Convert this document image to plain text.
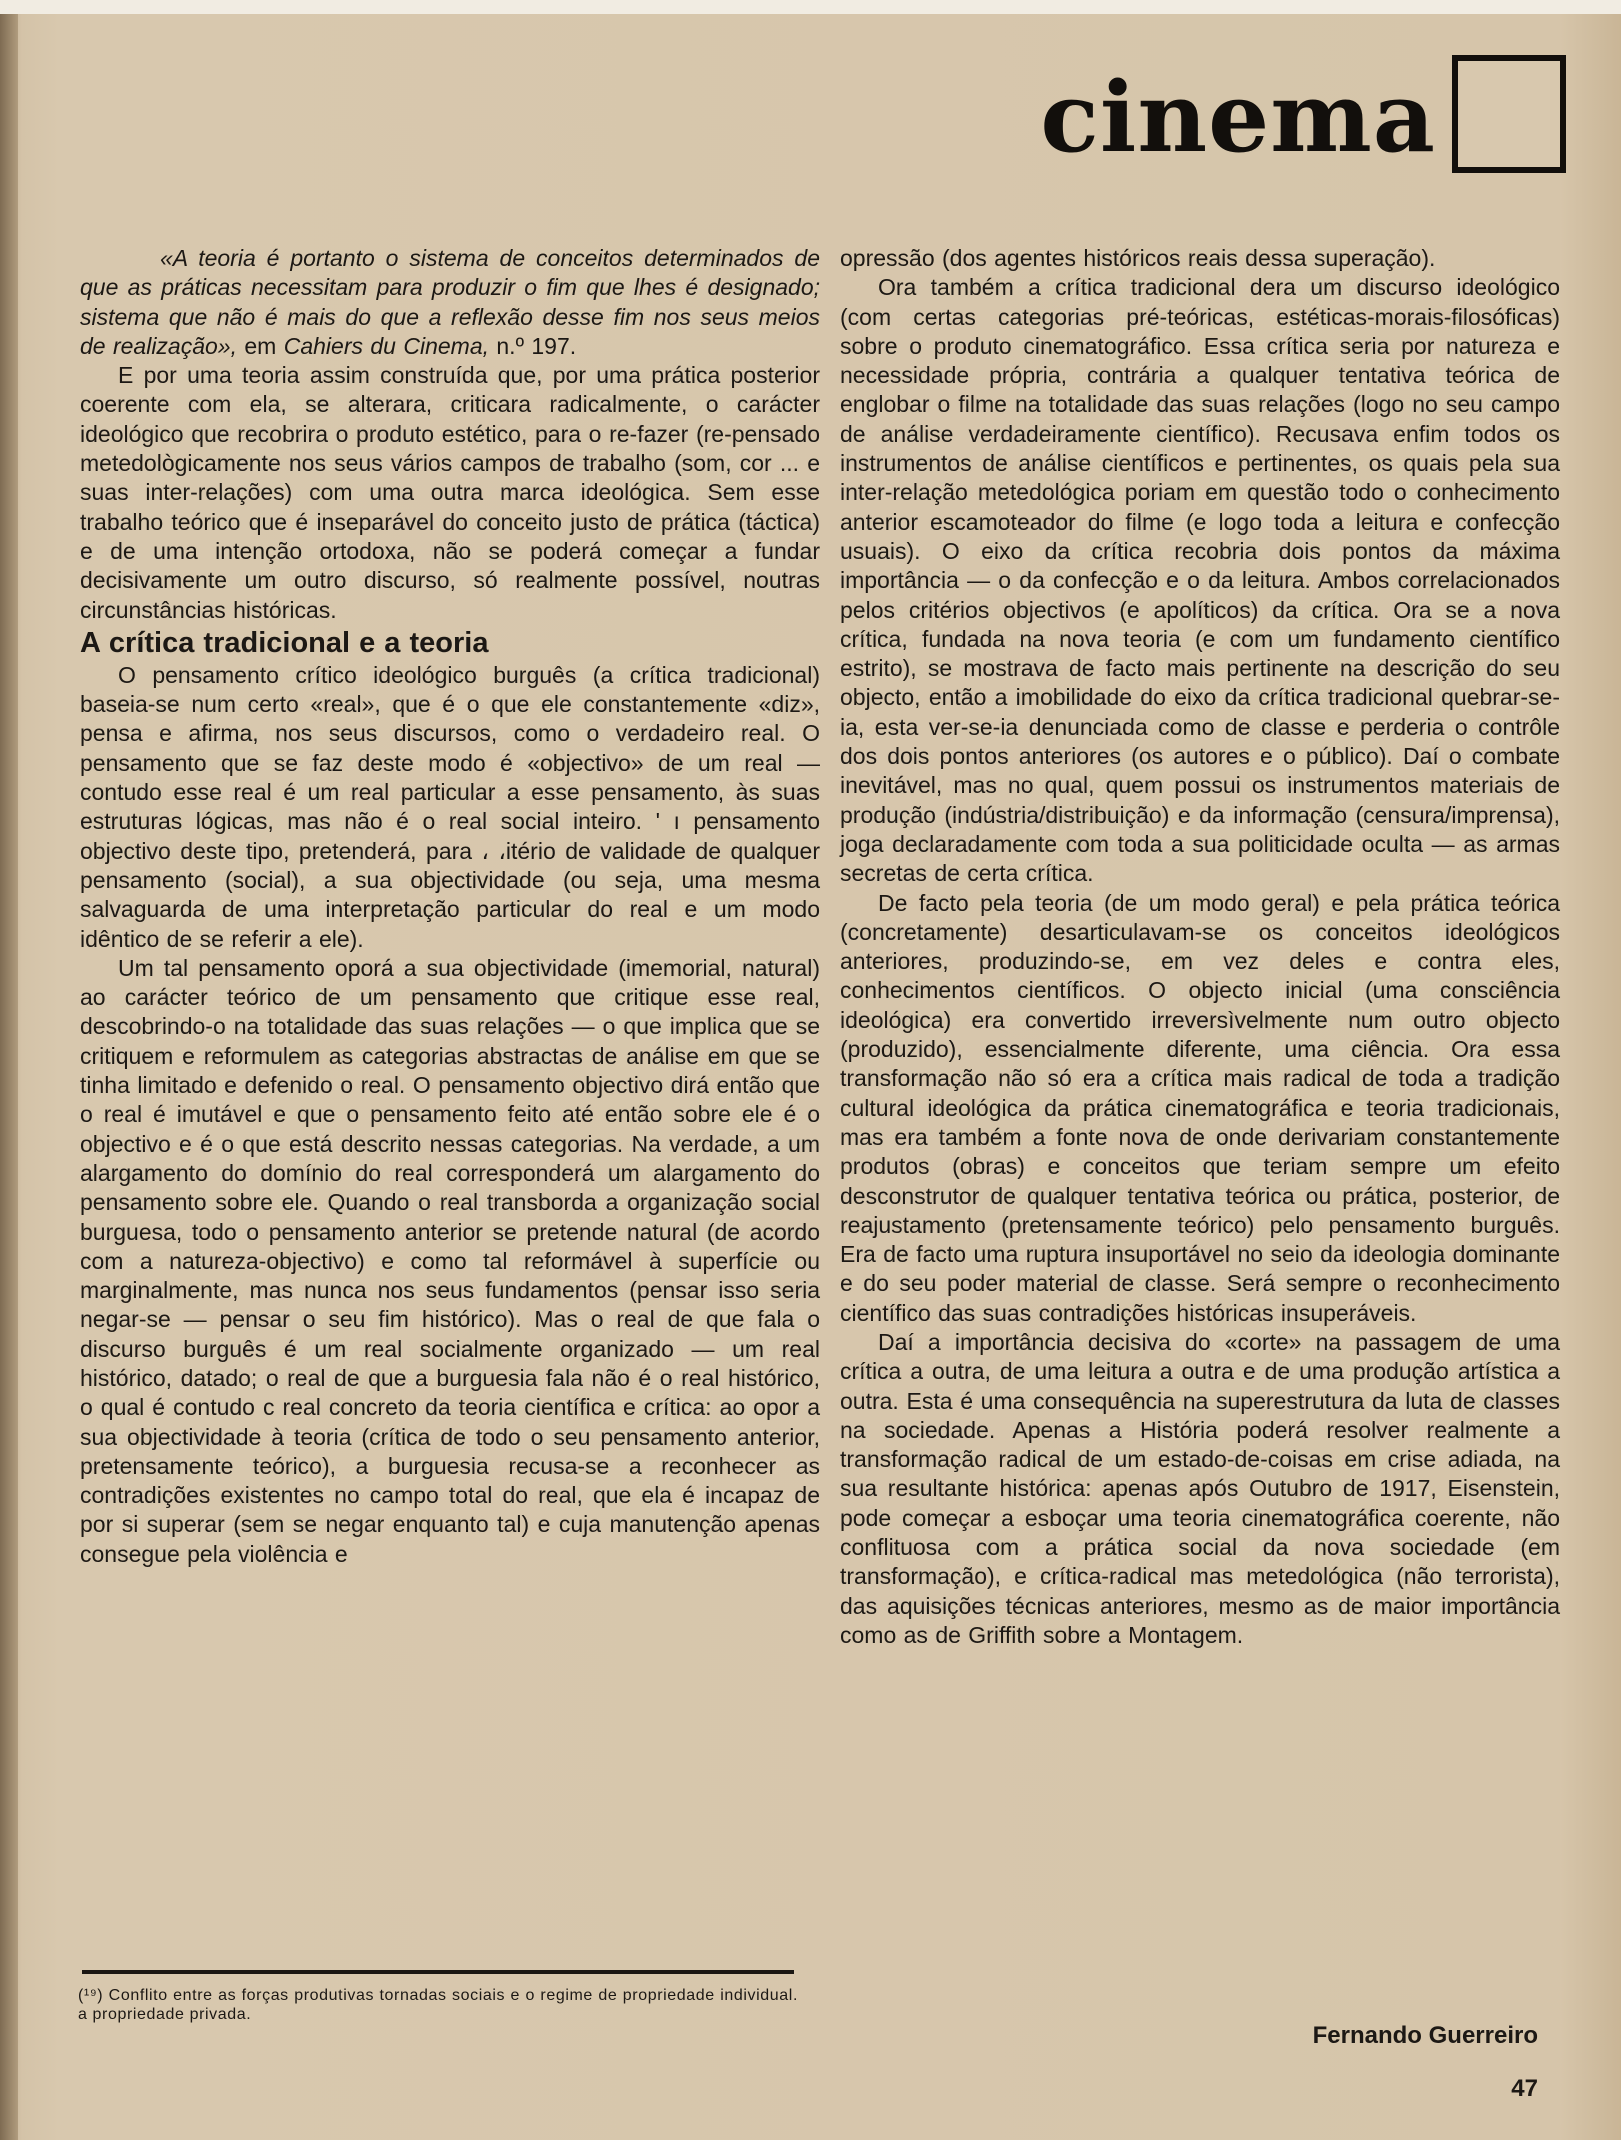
cinema

«A teoria é portanto o sistema de conceitos determinados de que as práticas necessitam para produzir o fim que lhes é designado; sistema que não é mais do que a reflexão desse fim nos seus meios de realização», em Cahiers du Cinema, n.º 197.

E por uma teoria assim construída que, por uma prática posterior coerente com ela, se alterara, criticara radicalmente, o carácter ideológico que recobrira o produto estético, para o re-fazer (re-pensado metedològicamente nos seus vários campos de trabalho (som, cor ... e suas inter-relações) com uma outra marca ideológica. Sem esse trabalho teórico que é inseparável do conceito justo de prática (táctica) e de uma intenção ortodoxa, não se poderá começar a fundar decisivamente um outro discurso, só realmente possível, noutras circunstâncias históricas.

A crítica tradicional e a teoria

O pensamento crítico ideológico burguês (a crítica tradicional) baseia-se num certo «real», que é o que ele constantemente «diz», pensa e afirma, nos seus discursos, como o verdadeiro real. O pensamento que se faz deste modo é «objectivo» de um real — contudo esse real é um real particular a esse pensamento, às suas estruturas lógicas, mas não é o real social inteiro. ' ı pensamento objectivo deste tipo, pretenderá, para ، ،itério de validade de qualquer pensamento (social), a sua objectividade (ou seja, uma mesma salvaguarda de uma interpretação particular do real e um modo idêntico de se referir a ele).

Um tal pensamento oporá a sua objectividade (imemorial, natural) ao carácter teórico de um pensamento que critique esse real, descobrindo-o na totalidade das suas relações — o que implica que se critiquem e reformulem as categorias abstractas de análise em que se tinha limitado e defenido o real. O pensamento objectivo dirá então que o real é imutável e que o pensamento feito até então sobre ele é o objectivo e é o que está descrito nessas categorias. Na verdade, a um alargamento do domínio do real corresponderá um alargamento do pensamento sobre ele. Quando o real transborda a organização social burguesa, todo o pensamento anterior se pretende natural (de acordo com a natureza-objectivo) e como tal reformável à superfície ou marginalmente, mas nunca nos seus fundamentos (pensar isso seria negar-se — pensar o seu fim histórico). Mas o real de que fala o discurso burguês é um real socialmente organizado — um real histórico, datado; o real de que a burguesia fala não é o real histórico, o qual é contudo c real concreto da teoria científica e crítica: ao opor a sua objectividade à teoria (crítica de todo o seu pensamento anterior, pretensamente teórico), a burguesia recusa-se a reconhecer as contradições existentes no campo total do real, que ela é incapaz de por si superar (sem se negar enquanto tal) e cuja manutenção apenas consegue pela violência e

(¹⁹) Conflito entre as forças produtivas tornadas sociais e o regime de propriedade individual. a propriedade privada.

opressão (dos agentes históricos reais dessa superação).

Ora também a crítica tradicional dera um discurso ideológico (com certas categorias pré-teóricas, estéticas-morais-filosóficas) sobre o produto cinematográfico. Essa crítica seria por natureza e necessidade própria, contrária a qualquer tentativa teórica de englobar o filme na totalidade das suas relações (logo no seu campo de análise verdadeiramente científico). Recusava enfim todos os instrumentos de análise científicos e pertinentes, os quais pela sua inter-relação metedológica poriam em questão todo o conhecimento anterior escamoteador do filme (e logo toda a leitura e confecção usuais). O eixo da crítica recobria dois pontos da máxima importância — o da confecção e o da leitura. Ambos correlacionados pelos critérios objectivos (e apolíticos) da crítica. Ora se a nova crítica, fundada na nova teoria (e com um fundamento científico estrito), se mostrava de facto mais pertinente na descrição do seu objecto, então a imobilidade do eixo da crítica tradicional quebrar-se-ia, esta ver-se-ia denunciada como de classe e perderia o contrôle dos dois pontos anteriores (os autores e o público). Daí o combate inevitável, mas no qual, quem possui os instrumentos materiais de produção (indústria/distribuição) e da informação (censura/imprensa), joga declaradamente com toda a sua politicidade oculta — as armas secretas de certa crítica.

De facto pela teoria (de um modo geral) e pela prática teórica (concretamente) desarticulavam-se os conceitos ideológicos anteriores, produzindo-se, em vez deles e contra eles, conhecimentos científicos. O objecto inicial (uma consciência ideológica) era convertido irreversìvelmente num outro objecto (produzido), essencialmente diferente, uma ciência. Ora essa transformação não só era a crítica mais radical de toda a tradição cultural ideológica da prática cinematográfica e teoria tradicionais, mas era também a fonte nova de onde derivariam constantemente produtos (obras) e conceitos que teriam sempre um efeito desconstrutor de qualquer tentativa teórica ou prática, posterior, de reajustamento (pretensamente teórico) pelo pensamento burguês. Era de facto uma ruptura insuportável no seio da ideologia dominante e do seu poder material de classe. Será sempre o reconhecimento científico das suas contradições históricas insuperáveis.

Daí a importância decisiva do «corte» na passagem de uma crítica a outra, de uma leitura a outra e de uma produção artística a outra. Esta é uma consequência na superestrutura da luta de classes na sociedade. Apenas a História poderá resolver realmente a transformação radical de um estado-de-coisas em crise adiada, na sua resultante histórica: apenas após Outubro de 1917, Eisenstein, pode começar a esboçar uma teoria cinematográfica coerente, não conflituosa com a prática social da nova sociedade (em transformação), e crítica-radical mas metedológica (não terrorista), das aquisições técnicas anteriores, mesmo as de maior importância como as de Griffith sobre a Montagem.

Fernando Guerreiro
47
